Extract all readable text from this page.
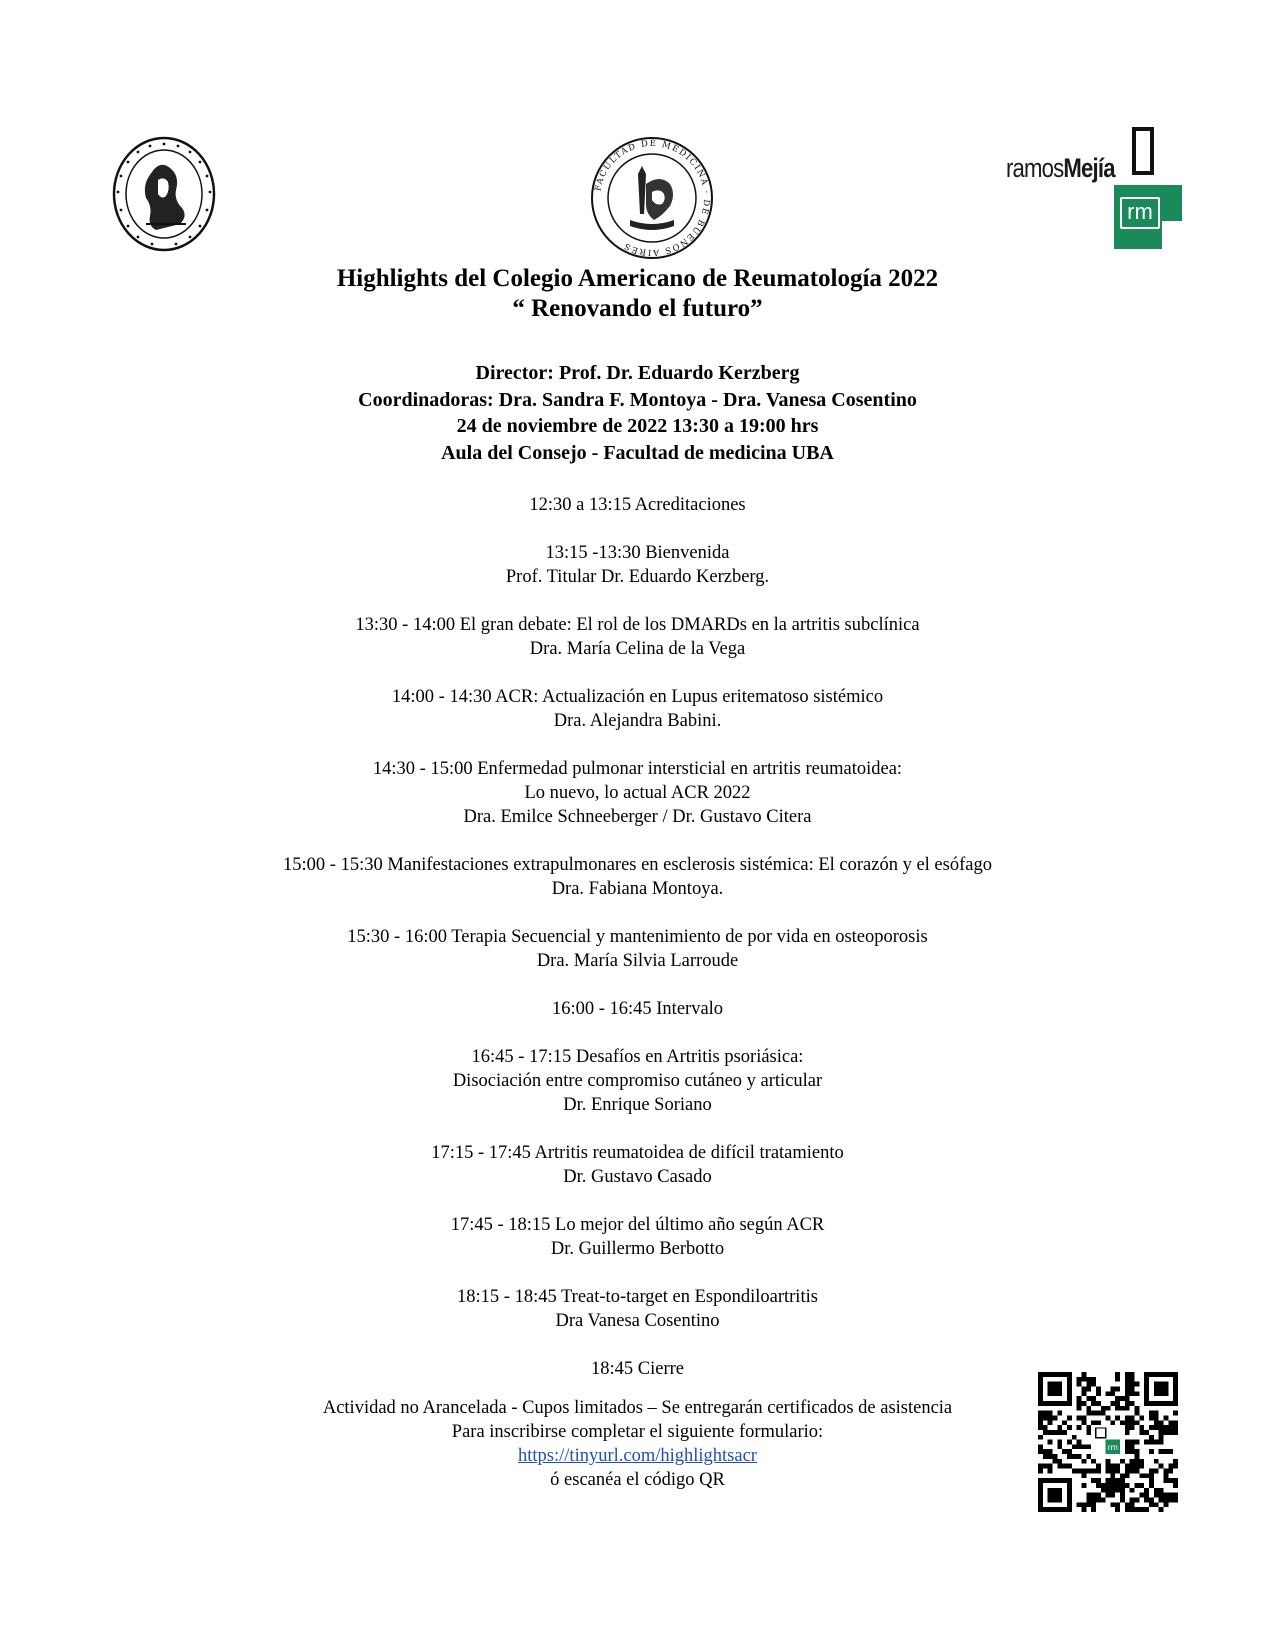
FACULTAD DE MEDICINA · DE BUENOS AIRES
ramosMejía
rm
Highlights del Colegio Americano de Reumatología 2022
“ Renovando el futuro”
Director: Prof. Dr. Eduardo Kerzberg
Coordinadoras: Dra. Sandra F. Montoya - Dra. Vanesa Cosentino
24 de noviembre de 2022 13:30 a 19:00 hrs
Aula del Consejo - Facultad de medicina UBA
12:30 a 13:15 Acreditaciones
13:15 -13:30 Bienvenida
Prof. Titular Dr. Eduardo Kerzberg.
13:30 - 14:00 El gran debate: El rol de los DMARDs en la artritis subclínica
Dra. María Celina de la Vega
14:00 - 14:30 ACR: Actualización en Lupus eritematoso sistémico
Dra. Alejandra Babini.
14:30 - 15:00 Enfermedad pulmonar intersticial en artritis reumatoidea:
Lo nuevo, lo actual ACR 2022
Dra. Emilce Schneeberger / Dr. Gustavo Citera
15:00 - 15:30 Manifestaciones extrapulmonares en esclerosis sistémica: El corazón y el esófago
Dra. Fabiana Montoya.
15:30 - 16:00 Terapia Secuencial y mantenimiento de por vida en osteoporosis
Dra. María Silvia Larroude
16:00 - 16:45 Intervalo
16:45 - 17:15 Desafíos en Artritis psoriásica:
Disociación entre compromiso cutáneo y articular
Dr. Enrique Soriano
17:15 - 17:45 Artritis reumatoidea de difícil tratamiento
Dr. Gustavo Casado
17:45 - 18:15 Lo mejor del último año según ACR
Dr. Guillermo Berbotto
18:15 - 18:45 Treat-to-target en Espondiloartritis
Dra Vanesa Cosentino
18:45 Cierre
Actividad no Arancelada - Cupos limitados – Se entregarán certificados de asistencia
Para inscribirse completar el siguiente formulario:
https://tinyurl.com/highlightsacr
ó escanéa el código QR
rm
